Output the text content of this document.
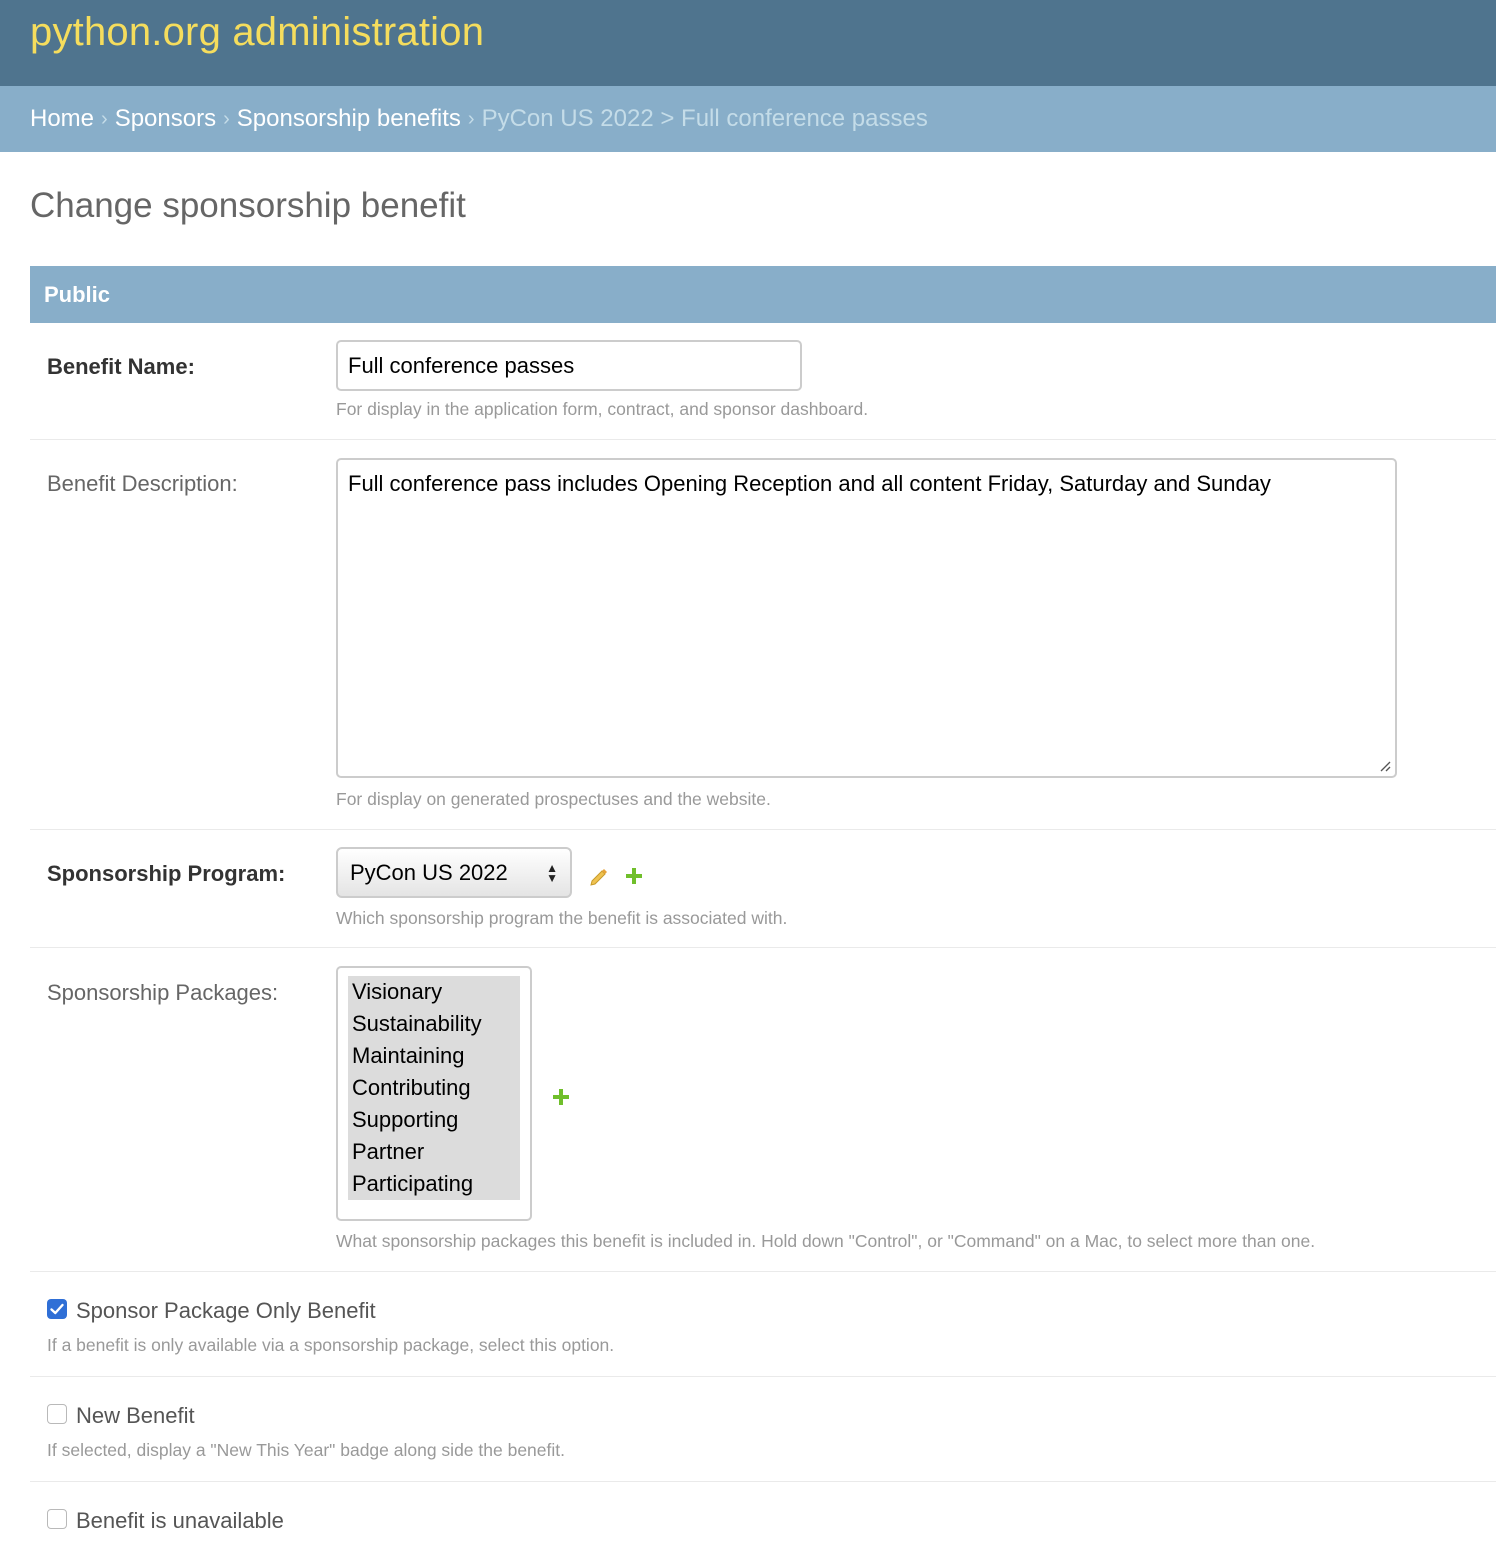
python.org administration
Home › Sponsors › Sponsorship benefits › PyCon US 2022 > Full conference passes
Change sponsorship benefit
Public
Benefit Name:
Full conference passes
For display in the application form, contract, and sponsor dashboard.
Benefit Description:	Full conference pass includes Opening Reception and all content Friday, Saturday and Sunday
For display on generated prospectuses and the website.
Sponsorship Program:	PyCon US 2022	▲
▼
Which sponsorship program the benefit is associated with.
Sponsorship Packages:	Visionary
Sustainability
Maintaining
Contributing
Supporting
Partner
Participating
What sponsorship packages this benefit is included in. Hold down "Control", or "Command" on a Mac, to select more than one.
Sponsor Package Only Benefit
If a benefit is only available via a sponsorship package, select this option.
New Benefit
If selected, display a "New This Year" badge along side the benefit.
Benefit is unavailable
